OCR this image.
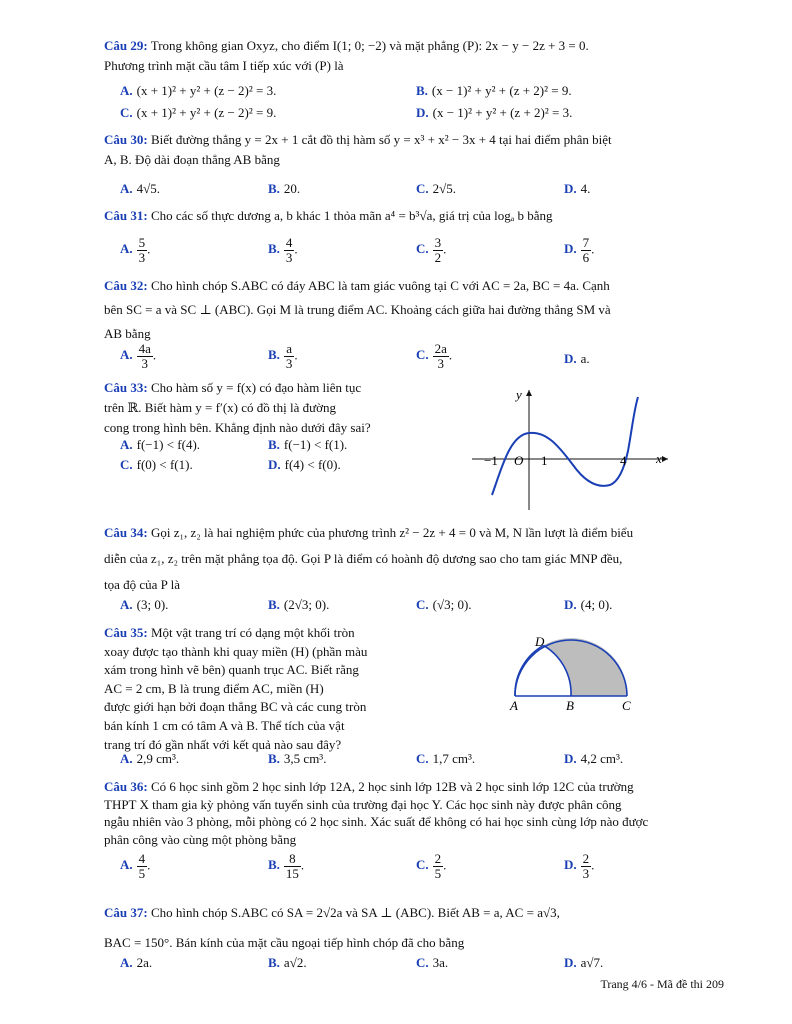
Câu 29: Trong không gian Oxyz, cho điểm I(1; 0; −2) và mặt phẳng (P): 2x − y − 2z + 3 = 0.
Phương trình mặt cầu tâm I tiếp xúc với (P) là
A. (x + 1)² + y² + (z − 2)² = 3.	B. (x − 1)² + y² + (z + 2)² = 9.
C. (x + 1)² + y² + (z − 2)² = 9.	D. (x − 1)² + y² + (z + 2)² = 3.
Câu 30: Biết đường thẳng y = 2x + 1 cắt đồ thị hàm số y = x³ + x² − 3x + 4 tại hai điểm phân biệt
A, B. Độ dài đoạn thẳng AB bằng
A. 4√5.	B. 20.	C. 2√5.	D. 4.
Câu 31: Cho các số thực dương a, b khác 1 thỏa mãn a⁴ = b³√a, giá trị của logₐ b bằng
A. $\frac{5}{3}$ .	B. $\frac{4}{3}$ .	C. $\frac{3}{2}$ .	D. $\frac{7}{6}$ .
Câu 32: Cho hình chóp S.ABC có đáy ABC là tam giác vuông tại C với AC = 2a, BC = 4a. Cạnh
bên SC = a và SC ⊥ (ABC). Gọi M là trung điểm AC. Khoảng cách giữa hai đường thẳng SM và
AB bằng
A. $\frac{4a}{3}$ .	B. $\frac{a}{3}$ .	C. $\frac{2a}{3}$ .	D. a.
Câu 33: Cho hàm số y = f(x) có đạo hàm liên tục
trên ℝ. Biết hàm y = f′(x) có đồ thị là đường
cong trong hình bên. Khẳng định nào dưới đây sai?
A. f(−1) < f(4).	B. f(−1) < f(1).
C. f(0) < f(1).	D. f(4) < f(0).
y
x
O
−1	1	4
Câu 34: Gọi z₁, z₂ là hai nghiệm phức của phương trình z² − 2z + 4 = 0 và M, N lần lượt là điểm biểu
diễn của z₁, z₂ trên mặt phẳng tọa độ. Gọi P là điểm có hoành độ dương sao cho tam giác MNP đều,
tọa độ của P là
A. (3; 0).	B. (2√3; 0).	C. (√3; 0).	D. (4; 0).
Câu 35: Một vật trang trí có dạng một khối tròn
xoay được tạo thành khi quay miền (H) (phần màu
xám trong hình vẽ bên) quanh trục AC. Biết rằng
AC = 2 cm, B là trung điểm AC, miền (H)
được giới hạn bởi đoạn thẳng BC và các cung tròn
bán kính 1 cm có tâm A và B. Thể tích của vật
trang trí đó gần nhất với kết quả nào sau đây?
A. 2,9 cm³.	B. 3,5 cm³.	C. 1,7 cm³.	D. 4,2 cm³.
D
A	B	C
Câu 36: Có 6 học sinh gồm 2 học sinh lớp 12A, 2 học sinh lớp 12B và 2 học sinh lớp 12C của trường
THPT X tham gia kỳ phỏng vấn tuyển sinh của trường đại học Y. Các học sinh này được phân công
ngẫu nhiên vào 3 phòng, mỗi phòng có 2 học sinh. Xác suất để không có hai học sinh cùng lớp nào được
phân công vào cùng một phòng bằng
A. $\frac{4}{5}$ .	B. $\frac{8}{15}$ .	C. $\frac{2}{5}$ .	D. $\frac{2}{3}$ .
Câu 37: Cho hình chóp S.ABC có SA = 2√2a và SA ⊥ (ABC). Biết AB = a, AC = a√3,
BAC = 150°. Bán kính của mặt cầu ngoại tiếp hình chóp đã cho bằng
A. 2a.	B. a√2.	C. 3a.	D. a√7.
Trang 4/6 - Mã đề thi 209
